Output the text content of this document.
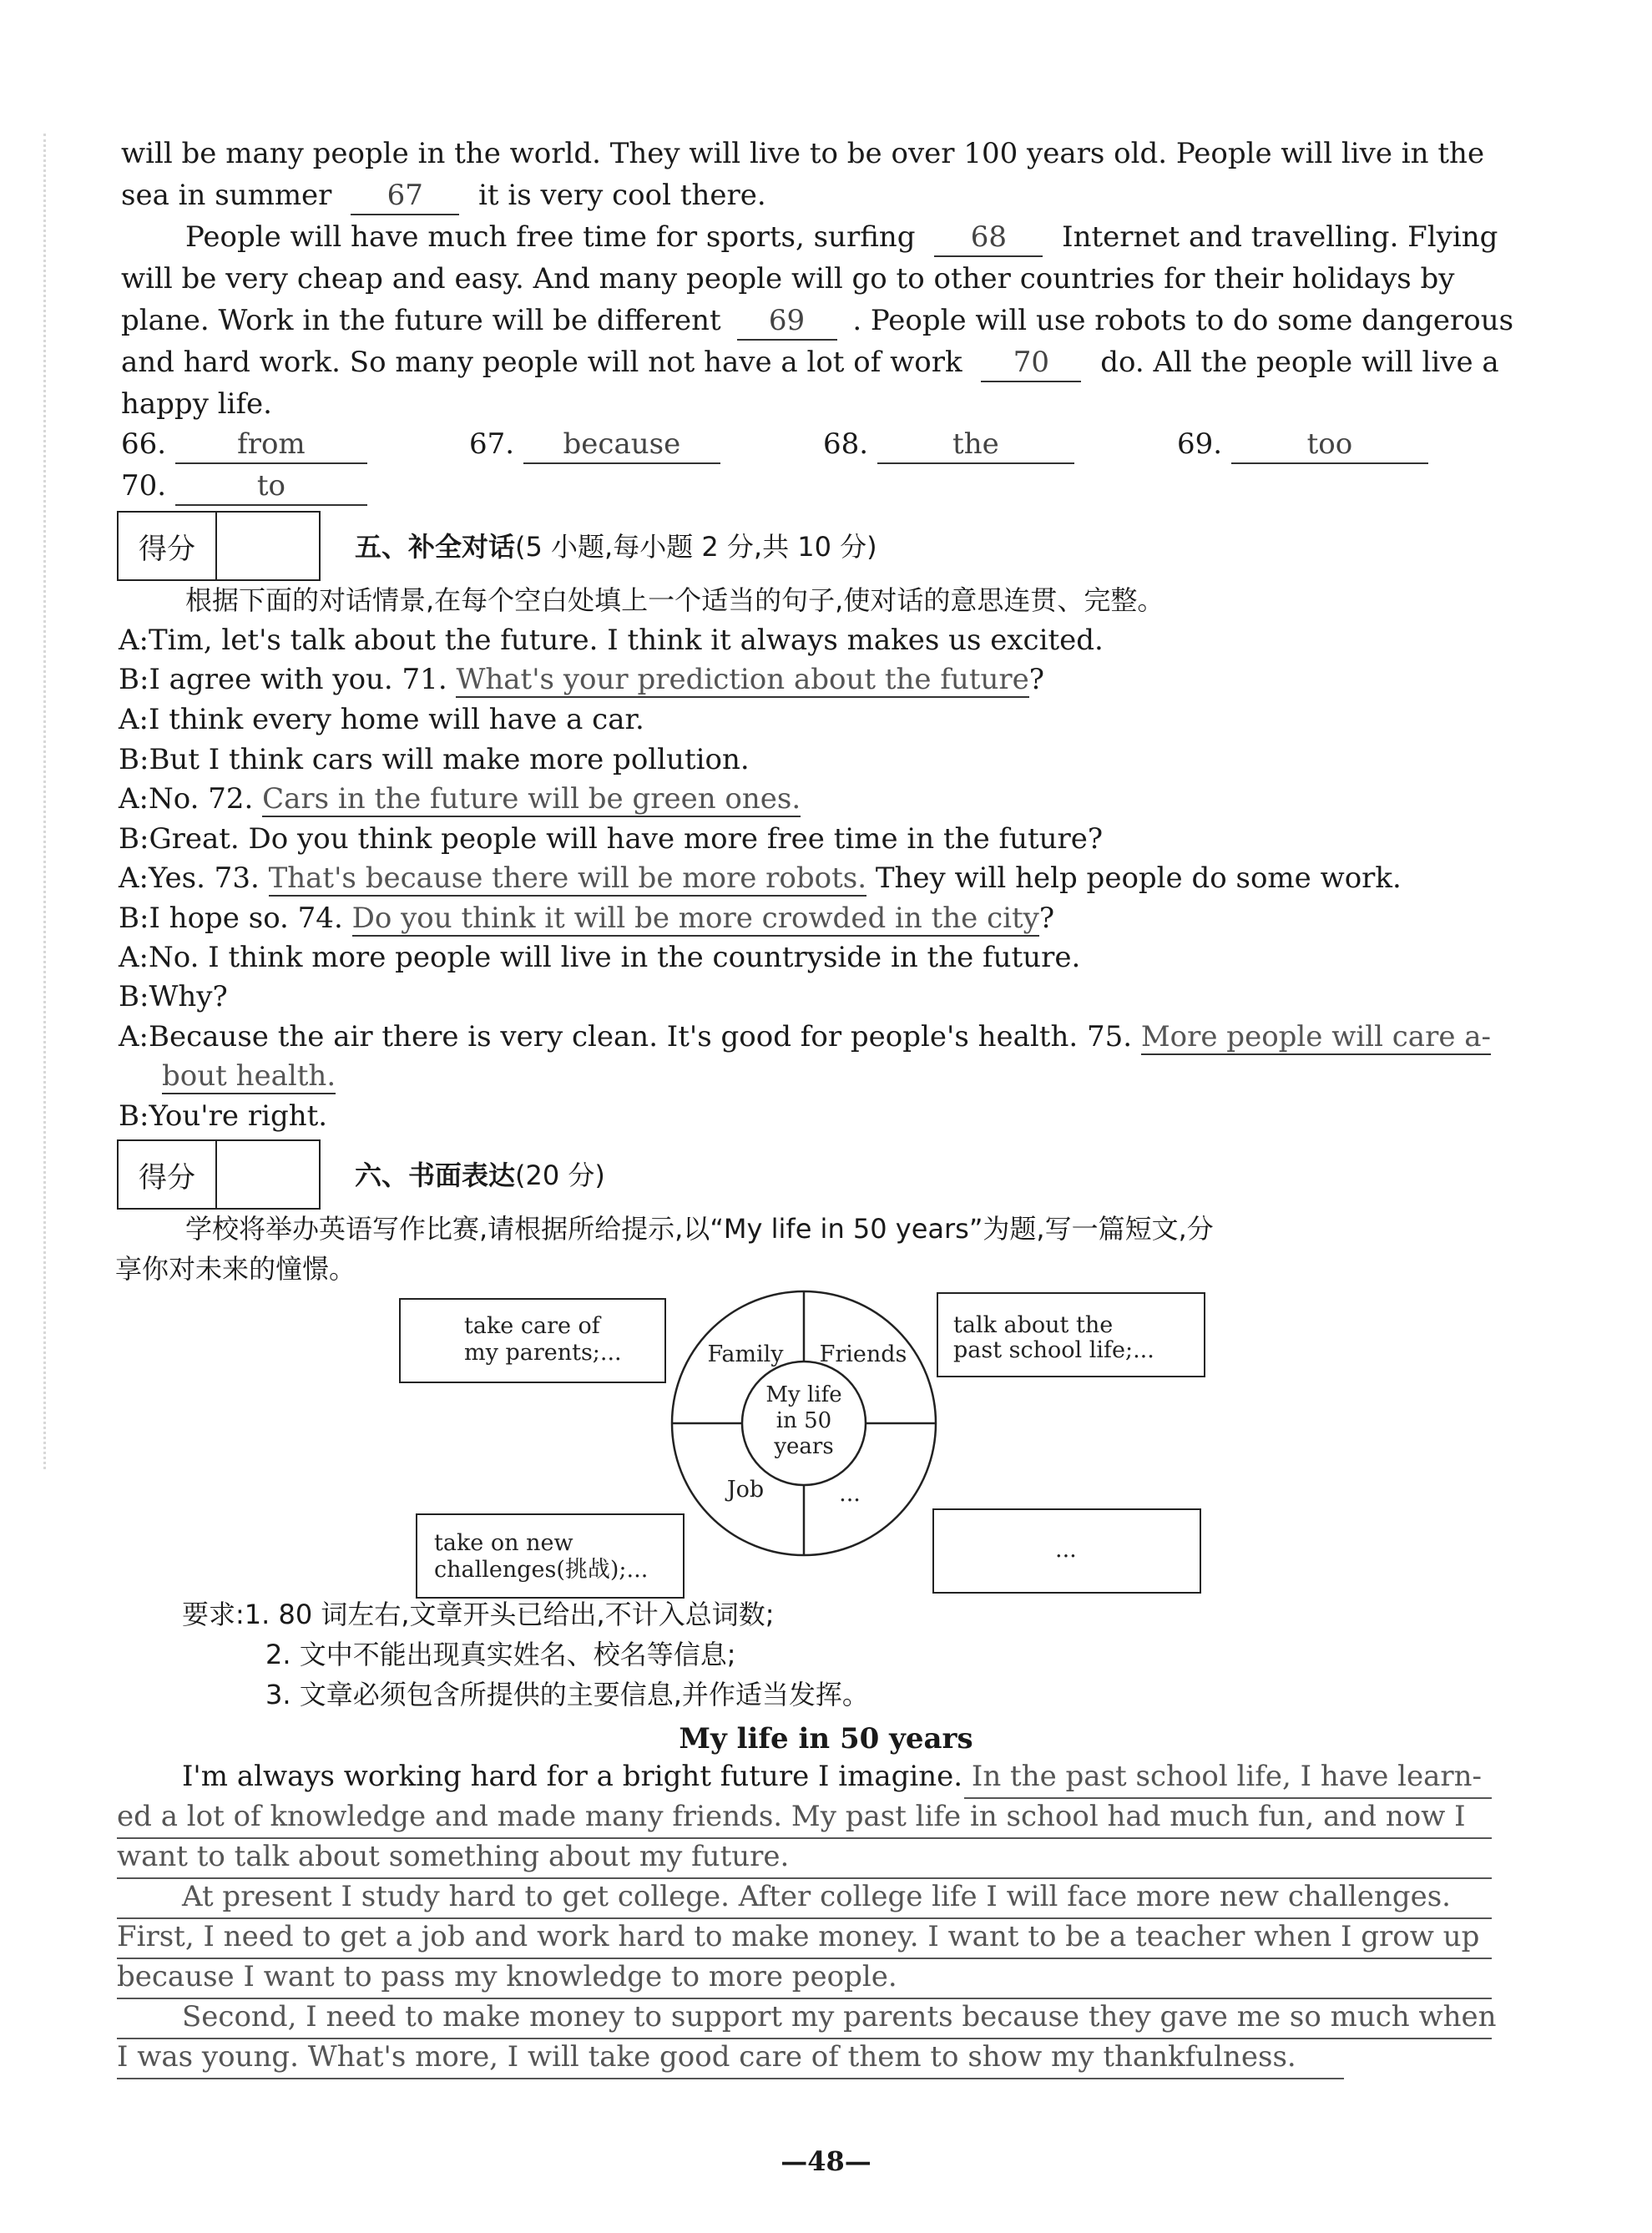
will be many people in the world. They will live to be over 100 years old. People will live in the
sea in summer 67 it is very cool there.
People will have much free time for sports, surfing 68 Internet and travelling. Flying
will be very cheap and easy. And many people will go to other countries for their holidays by
plane. Work in the future will be different 69 . People will use robots to do some dangerous
and hard work. So many people will not have a lot of work 70 do. All the people will live a
happy life.
66.	from	67. because	68.	the	69.	too
70.	to
得分	五、补全对话(5 小题,每小题 2 分,共 10 分)
根据下面的对话情景,在每个空白处填上一个适当的句子,使对话的意思连贯、完整。
A:Tim, let's talk about the future. I think it always makes us excited.
B:I agree with you. 71. What's your prediction about the future?
A:I think every home will have a car.
B:But I think cars will make more pollution.
A:No. 72. Cars in the future will be green ones.
B:Great. Do you think people will have more free time in the future?
A:Yes. 73. That's because there will be more robots. They will help people do some work.
B:I hope so. 74. Do you think it will be more crowded in the city?
A:No. I think more people will live in the countryside in the future.
B:Why?
A:Because the air there is very clean. It's good for people's health. 75. More people will care a-
bout health.
B:You're right.
得分	六、书面表达(20 分)
学校将举办英语写作比赛,请根据所给提示,以“My life in 50 years”为题,写一篇短文,分
享你对未来的憧憬。
take care of
my parents;...
talk about the
past school life;...
take on new
challenges(挑战);...
...
Family Friends
Job	...
My life
in 50
years
要求:1. 80 词左右,文章开头已给出,不计入总词数;
2. 文中不能出现真实姓名、校名等信息;
3. 文章必须包含所提供的主要信息,并作适当发挥。
My life in 50 years
I'm always working hard for a bright future I imagine. In the past school life, I have learn-
ed a lot of knowledge and made many friends. My past life in school had much fun, and now I
want to talk about something about my future.
At present I study hard to get college. After college life I will face more new challenges.
First, I need to get a job and work hard to make money. I want to be a teacher when I grow up
because I want to pass my knowledge to more people.
Second, I need to make money to support my parents because they gave me so much when
I was young. What's more, I will take good care of them to show my thankfulness.
—48—
